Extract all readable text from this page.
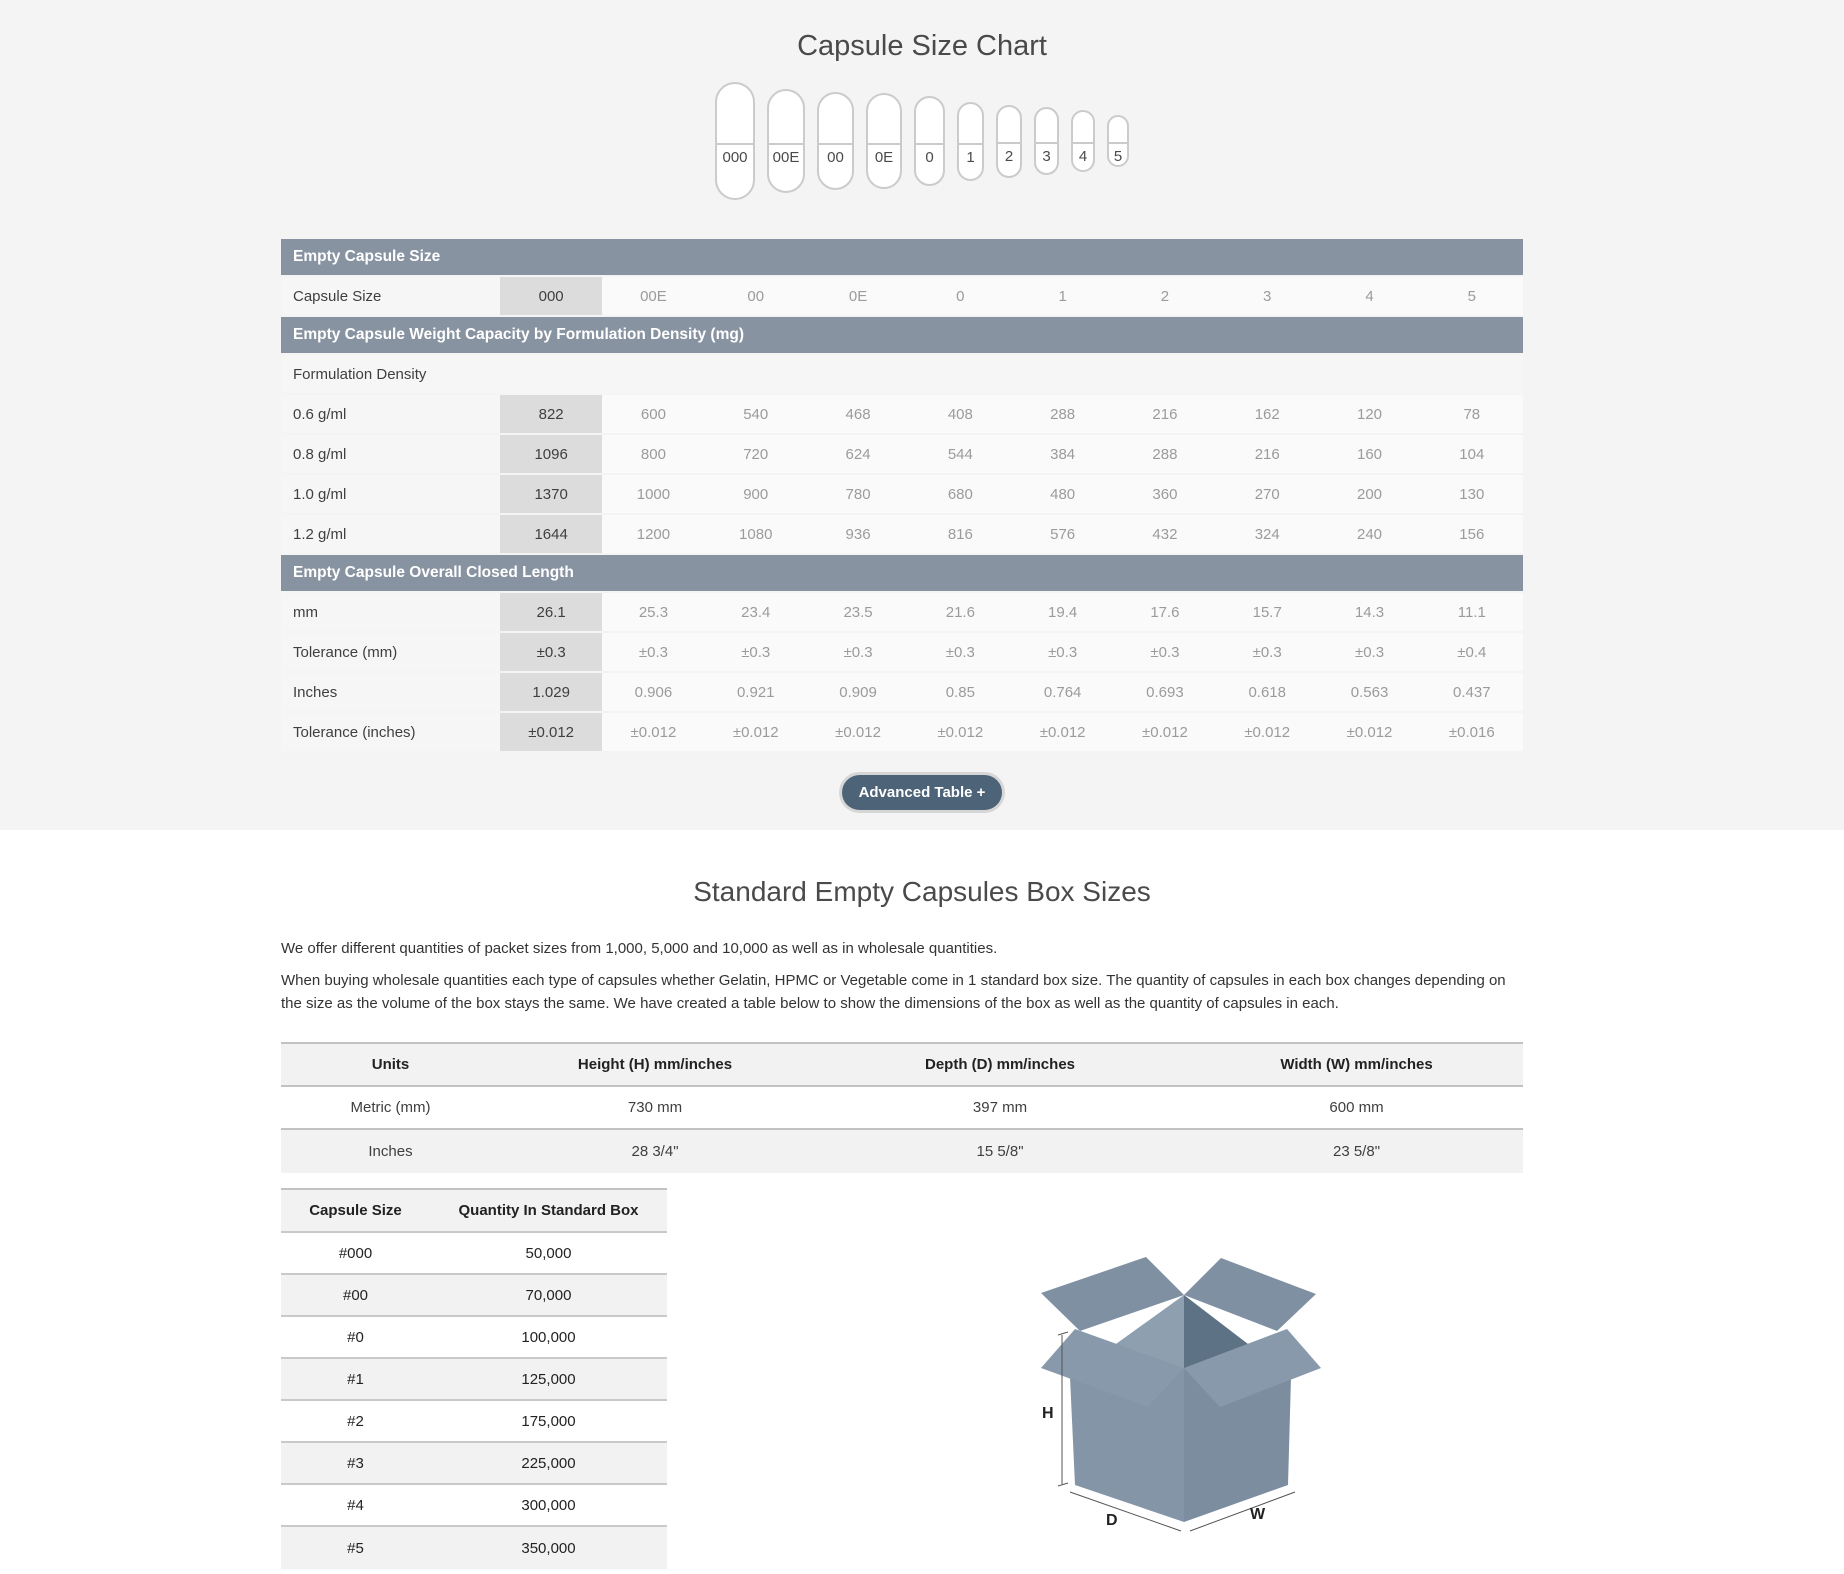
Capsule Size Chart
000	00E	00	0E	0	1	2	3	4	5
Empty Capsule Size
Capsule Size	000	00E	00	0E	0	1	2	3	4	5
Empty Capsule Weight Capacity by Formulation Density (mg)
Formulation Density
0.6 g/ml	822	600	540	468	408	288	216	162	120	78
0.8 g/ml	1096	800	720	624	544	384	288	216	160	104
1.0 g/ml	1370	1000	900	780	680	480	360	270	200	130
1.2 g/ml	1644	1200	1080	936	816	576	432	324	240	156
Empty Capsule Overall Closed Length
mm	26.1	25.3	23.4	23.5	21.6	19.4	17.6	15.7	14.3	11.1
Tolerance (mm)	±0.3	±0.3	±0.3	±0.3	±0.3	±0.3	±0.3	±0.3	±0.3	±0.4
Inches	1.029	0.906	0.921	0.909	0.85	0.764	0.693	0.618	0.563	0.437
Tolerance (inches)	±0.012	±0.012	±0.012	±0.012	±0.012	±0.012	±0.012	±0.012	±0.012	±0.016
Advanced Table +
Standard Empty Capsules Box Sizes

We offer different quantities of packet sizes from 1,000, 5,000 and 10,000 as well as in wholesale quantities.

When buying wholesale quantities each type of capsules whether Gelatin, HPMC or Vegetable come in 1 standard box size. The quantity of capsules in each box changes depending on the size as the volume of the box stays the same. We have created a table below to show the dimensions of the box as well as the quantity of capsules in each.

Units	Height (H) mm/inches	Depth (D) mm/inches	Width (W) mm/inches
Metric (mm)	730 mm	397 mm	600 mm
Inches	28 3/4"	15 5/8"	23 5/8"
Capsule Size	Quantity In Standard Box
#000	50,000
#00	70,000
#0	100,000
#1	125,000
#2	175,000
#3	225,000
#4	300,000
#5	350,000
H
D	W
